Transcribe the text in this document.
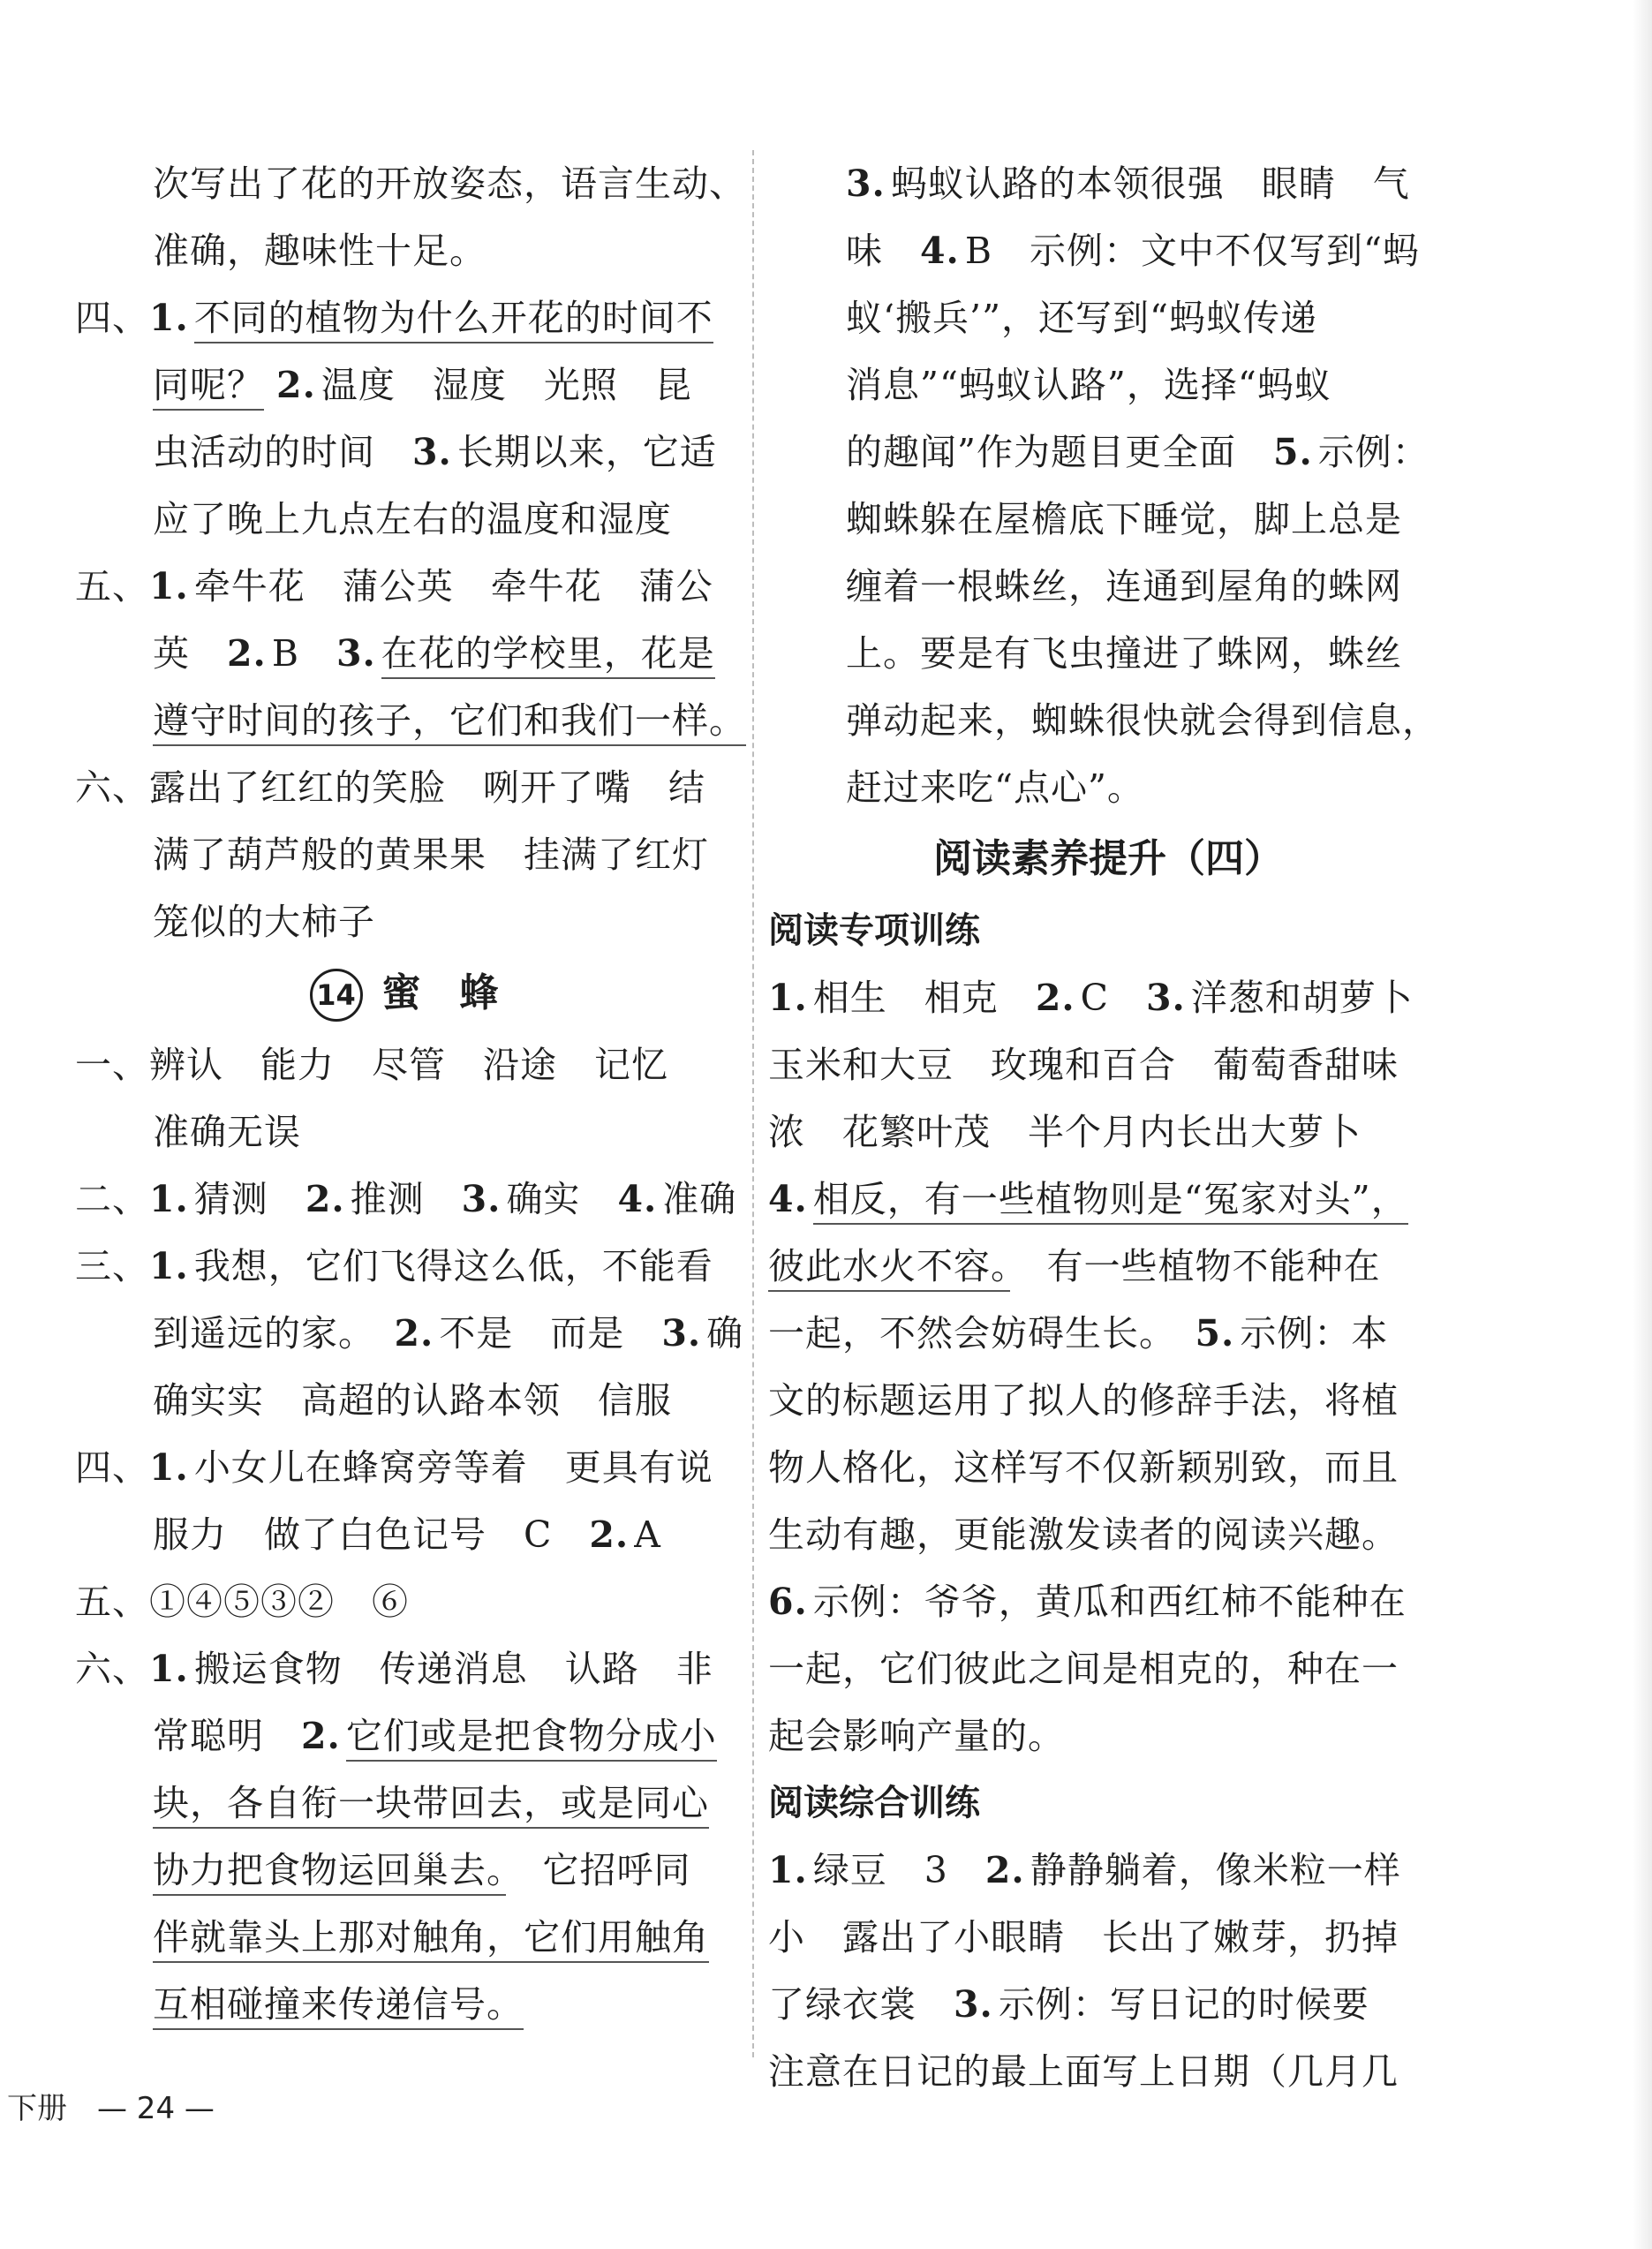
次写出了花的开放姿态，语言生动、
准确，趣味性十足。
四、1. 不同的植物为什么开花的时间不
同呢？ 2. 温度　湿度　光照　昆
虫活动的时间　3. 长期以来，它适
应了晚上九点左右的温度和湿度
五、1. 牵牛花　蒲公英　牵牛花　蒲公
英　2. B　3. 在花的学校里，花是
遵守时间的孩子，它们和我们一样。
六、露出了红红的笑脸　咧开了嘴　结
满了葫芦般的黄果果　挂满了红灯
笼似的大柿子
14 蜜　蜂
一、辨认　能力　尽管　沿途　记忆
准确无误
二、1. 猜测　2. 推测　3. 确实　4. 准确
三、1. 我想，它们飞得这么低，不能看
到遥远的家。　2. 不是　而是　3. 确
确实实　高超的认路本领　信服
四、1. 小女儿在蜂窝旁等着　更具有说
服力　做了白色记号　C　2. A
五、①④⑤③②　⑥
六、1. 搬运食物　传递消息　认路　非
常聪明　2. 它们或是把食物分成小
块，各自衔一块带回去，或是同心
协力把食物运回巢去。　它招呼同
伴就靠头上那对触角，它们用触角
互相碰撞来传递信号。
3. 蚂蚁认路的本领很强　眼睛　气
味　4. B　示例：文中不仅写到“蚂
蚁‘搬兵’”，还写到“蚂蚁传递
消息”“蚂蚁认路”，选择“蚂蚁
的趣闻”作为题目更全面　5. 示例：
蜘蛛躲在屋檐底下睡觉，脚上总是
缠着一根蛛丝，连通到屋角的蛛网
上。要是有飞虫撞进了蛛网，蛛丝
弹动起来，蜘蛛很快就会得到信息，
赶过来吃“点心”。
阅读素养提升（四）
阅读专项训练
1. 相生　相克　2. C　3. 洋葱和胡萝卜
玉米和大豆　玫瑰和百合　葡萄香甜味
浓　花繁叶茂　半个月内长出大萝卜
4. 相反，有一些植物则是“冤家对头”，
彼此水火不容。　有一些植物不能种在
一起，不然会妨碍生长。　5. 示例：本
文的标题运用了拟人的修辞手法，将植
物人格化，这样写不仅新颖别致，而且
生动有趣，更能激发读者的阅读兴趣。
6. 示例：爷爷，黄瓜和西红柿不能种在
一起，它们彼此之间是相克的，种在一
起会影响产量的。
阅读综合训练
1. 绿豆　3　2. 静静躺着，像米粒一样
小　露出了小眼睛　长出了嫩芽，扔掉
了绿衣裳　3. 示例：写日记的时候要
注意在日记的最上面写上日期（几月几
下册　— 24 —
